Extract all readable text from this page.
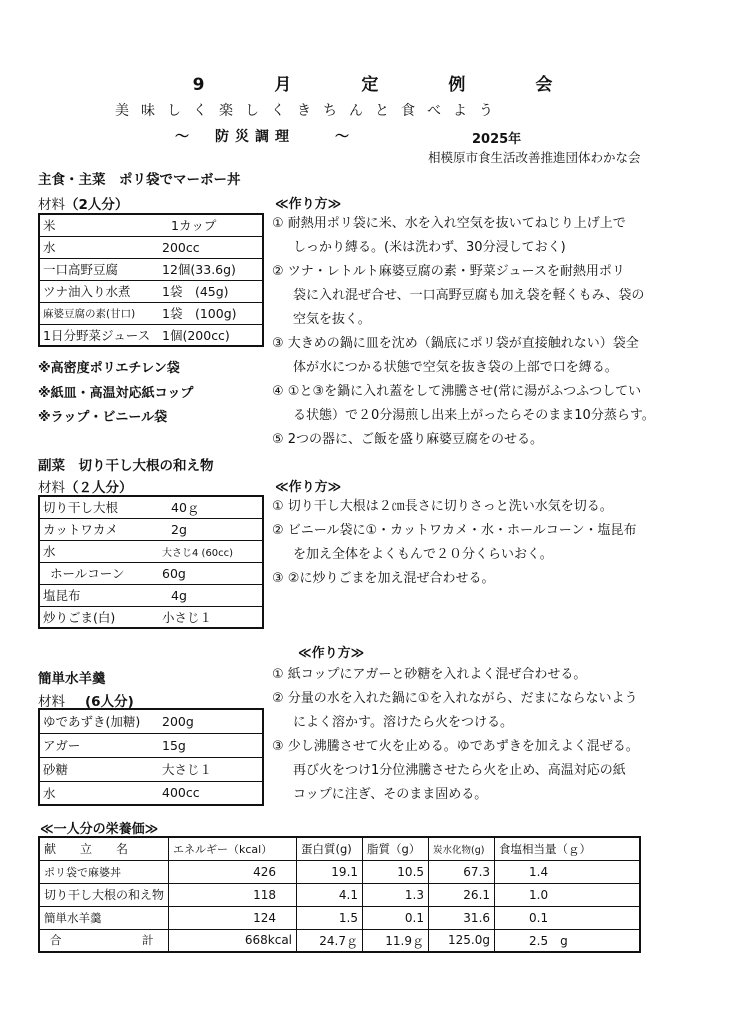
9	月	定	例	会
美味しく楽しくきちんと食べよう
～　防災調理　　～	2025年
相模原市食生活改善推進団体わかな会
主食・主菜　ポリ袋でマーボー丼
材料（2人分）
米	1カップ
水	200cc
一口高野豆腐	12個(33.6g)
ツナ油入り水煮	1袋　(45g)
麻婆豆腐の素(甘口)	1袋　(100g)
1日分野菜ジュース	1個(200cc)
※高密度ポリエチレン袋
※紙皿・高温対応紙コップ
※ラップ・ビニール袋
≪作り方≫
① 耐熱用ポリ袋に米、水を入れ空気を抜いてねじり上げ上で
しっかり縛る。(米は洗わず、30分浸しておく)
② ツナ・レトルト麻婆豆腐の素・野菜ジュースを耐熱用ポリ
袋に入れ混ぜ合せ、一口高野豆腐も加え袋を軽くもみ、袋の
空気を抜く。
③ 大きめの鍋に皿を沈め（鍋底にポリ袋が直接触れない）袋全
体が水につかる状態で空気を抜き袋の上部で口を縛る。
④ ①と③を鍋に入れ蓋をして沸騰させ(常に湯がふつふつしてい
る状態）で２0分湯煎し出来上がったらそのまま10分蒸らす。
⑤ 2つの器に、ご飯を盛り麻婆豆腐をのせる。
副菜　切り干し大根の和え物
材料（２人分）
切り干し大根	40ｇ
カットワカメ	2g
水	大さじ4 (60cc)
ホールコーン	60g
塩昆布	4g
炒りごま(白)	小さじ１
≪作り方≫
① 切り干し大根は２㎝長さに切りさっと洗い水気を切る。
② ビニール袋に①・カットワカメ・水・ホールコーン・塩昆布
を加え全体をよくもんで２０分くらいおく。
③ ②に炒りごまを加え混ぜ合わせる。
≪作り方≫
簡単水羊羹
材料 (6人分)
ゆであずき(加糖)	200g
アガー	15g
砂糖	大さじ１
水	400cc
① 紙コップにアガーと砂糖を入れよく混ぜ合わせる。
② 分量の水を入れた鍋に①を入れながら、だまにならないよう
によく溶かす。溶けたら火をつける。
③ 少し沸騰させて火を止める。ゆであずきを加えよく混ぜる。
再び火をつけ1分位沸騰させたら火を止め、高温対応の紙
コップに注ぎ、そのまま固める。
≪一人分の栄養価≫
献　　立　　名	エネルギー（kcal）	蛋白質(g)	脂質（g）	炭水化物(g)	食塩相当量（ｇ）
ポリ袋で麻婆丼	426	19.1	10.5	67.3	1.4
切り干し大根の和え物	118	4.1	1.3	26.1	1.0
簡単水羊羹	124	1.5	0.1	31.6	0.1
合　　　　　　　計	668kcal	24.7ｇ	11.9ｇ	125.0g	2.5　g
